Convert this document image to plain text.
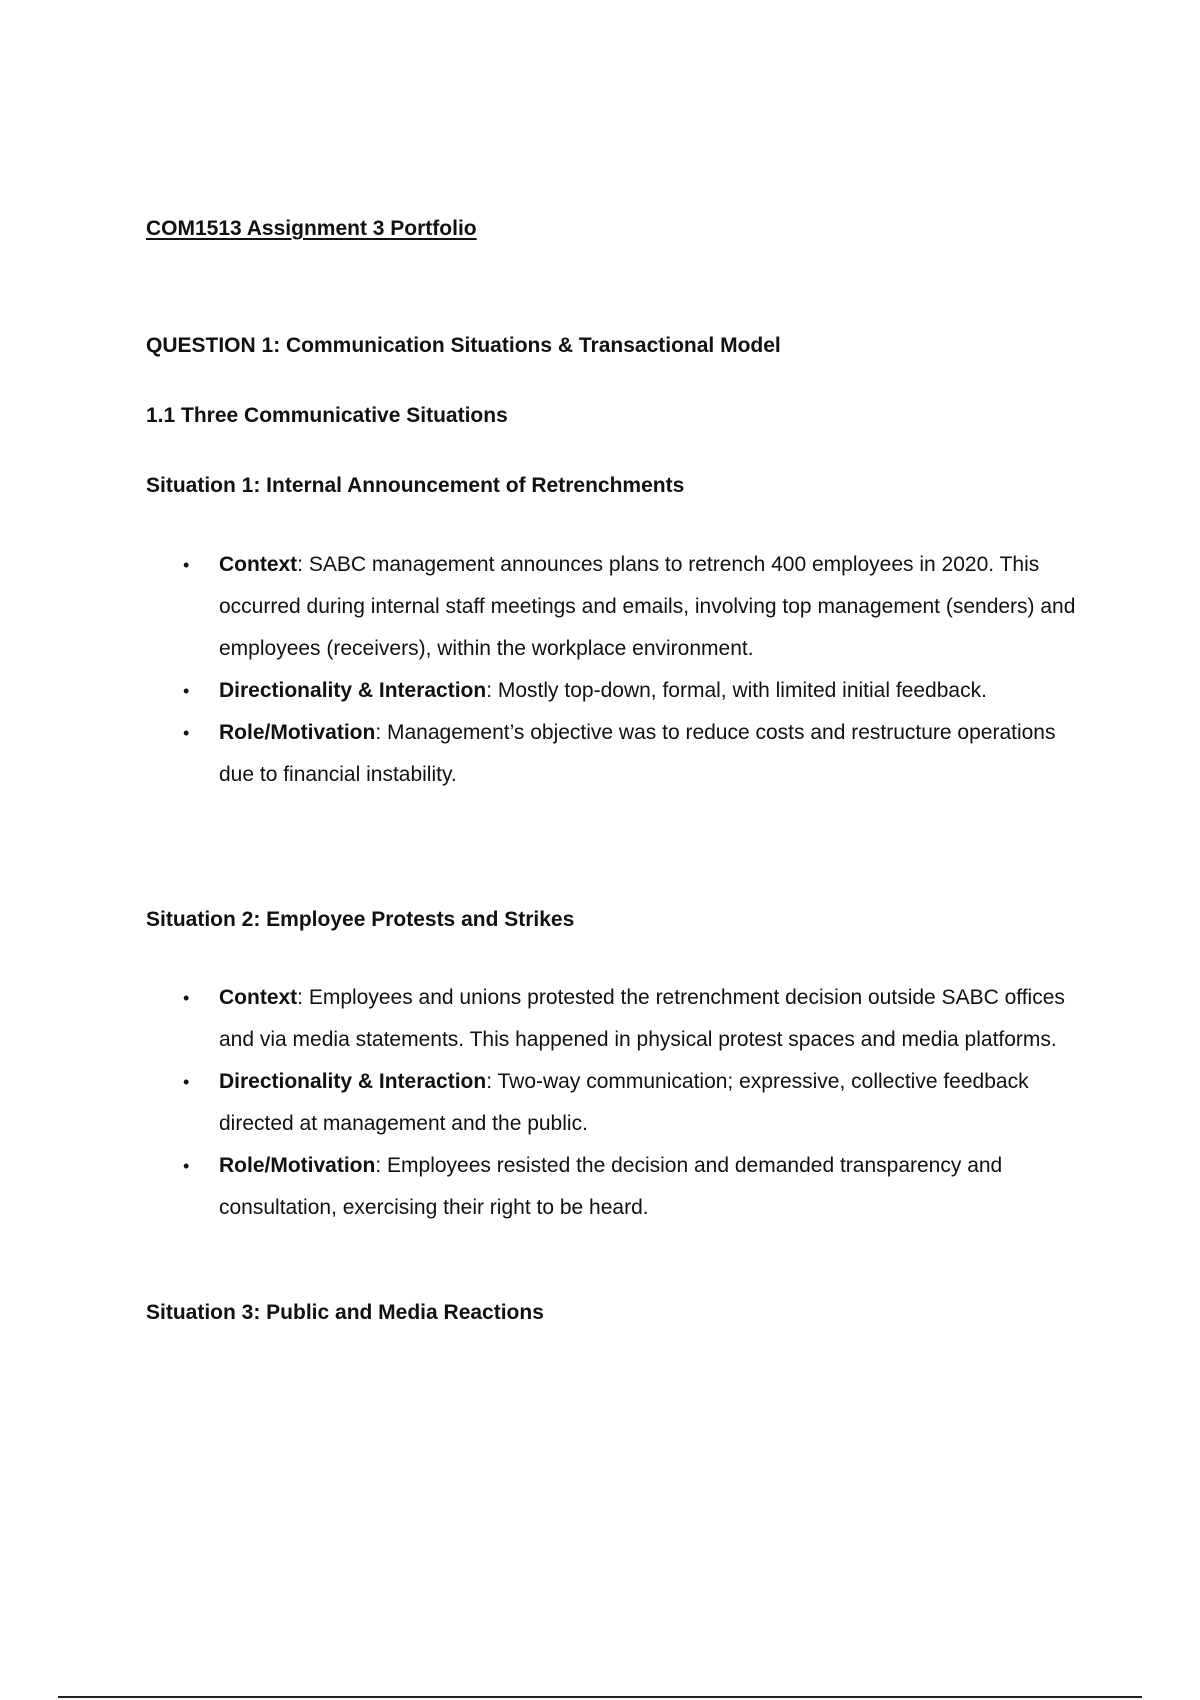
COM1513 Assignment 3 Portfolio
QUESTION 1: Communication Situations & Transactional Model
1.1 Three Communicative Situations
Situation 1: Internal Announcement of Retrenchments
• Context: SABC management announces plans to retrench 400 employees in 2020. This occurred during internal staff meetings and emails, involving top management (senders) and employees (receivers), within the workplace environment.
• Directionality & Interaction: Mostly top-down, formal, with limited initial feedback.
• Role/Motivation: Management’s objective was to reduce costs and restructure operations due to financial instability.
Situation 2: Employee Protests and Strikes
• Context: Employees and unions protested the retrenchment decision outside SABC offices and via media statements. This happened in physical protest spaces and media platforms.
• Directionality & Interaction: Two-way communication; expressive, collective feedback directed at management and the public.
• Role/Motivation: Employees resisted the decision and demanded transparency and consultation, exercising their right to be heard.
Situation 3: Public and Media Reactions
